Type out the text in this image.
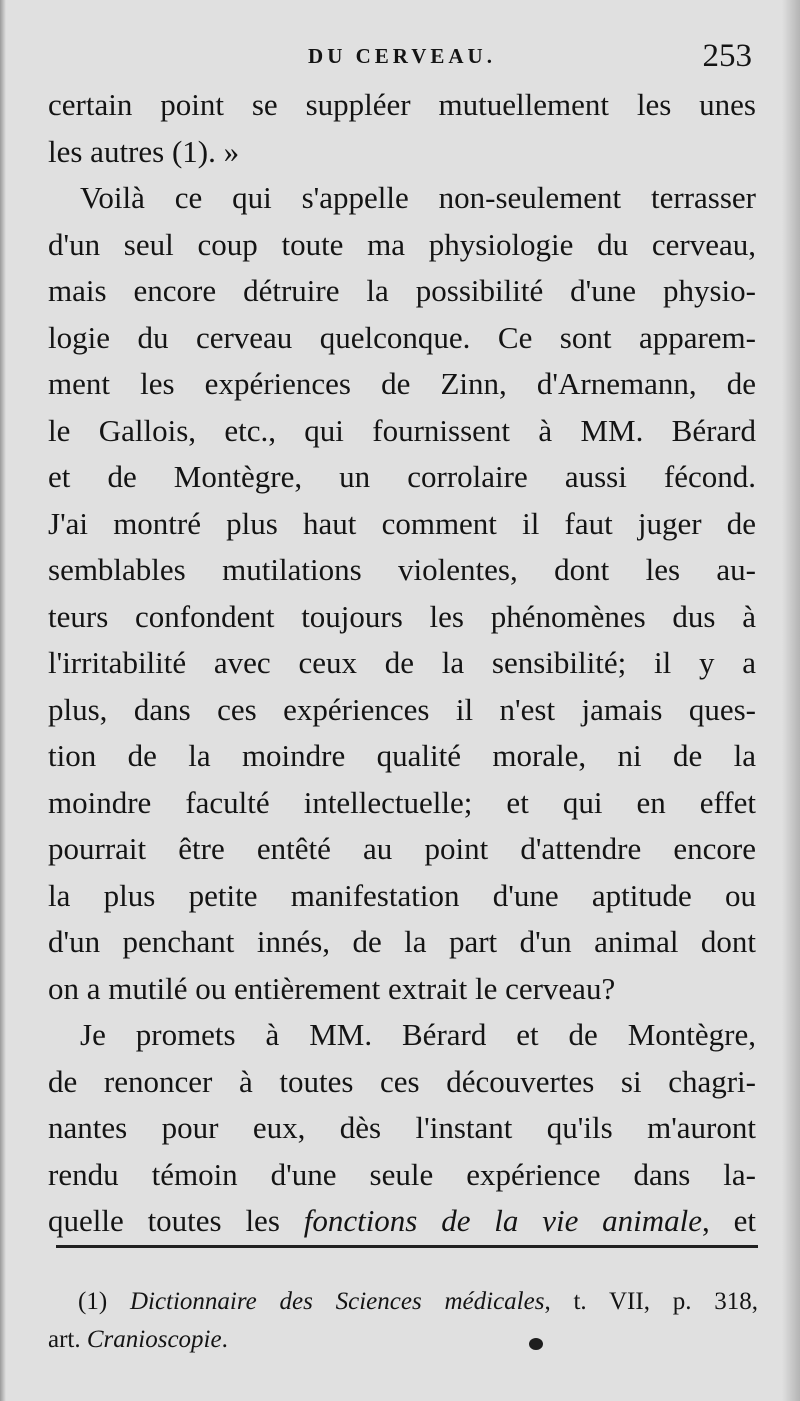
DU CERVEAU.	253
certain point se suppléer mutuellement les unes
les autres (1). »
Voilà ce qui s'appelle non-seulement terrasser
d'un seul coup toute ma physiologie du cerveau,
mais encore détruire la possibilité d'une physio-
logie du cerveau quelconque. Ce sont apparem-
ment les expériences de Zinn, d'Arnemann, de
le Gallois, etc., qui fournissent à MM. Bérard
et de Montègre, un corrolaire aussi fécond.
J'ai montré plus haut comment il faut juger de
semblables mutilations violentes, dont les au-
teurs confondent toujours les phénomènes dus à
l'irritabilité avec ceux de la sensibilité; il y a
plus, dans ces expériences il n'est jamais ques-
tion de la moindre qualité morale, ni de la
moindre faculté intellectuelle; et qui en effet
pourrait être entêté au point d'attendre encore
la plus petite manifestation d'une aptitude ou
d'un penchant innés, de la part d'un animal dont
on a mutilé ou entièrement extrait le cerveau?
Je promets à MM. Bérard et de Montègre,
de renoncer à toutes ces découvertes si chagri-
nantes pour eux, dès l'instant qu'ils m'auront
rendu témoin d'une seule expérience dans la-
quelle toutes les fonctions de la vie animale, et
(1) Dictionnaire des Sciences médicales, t. VII, p. 318,
art. Cranioscopie.
